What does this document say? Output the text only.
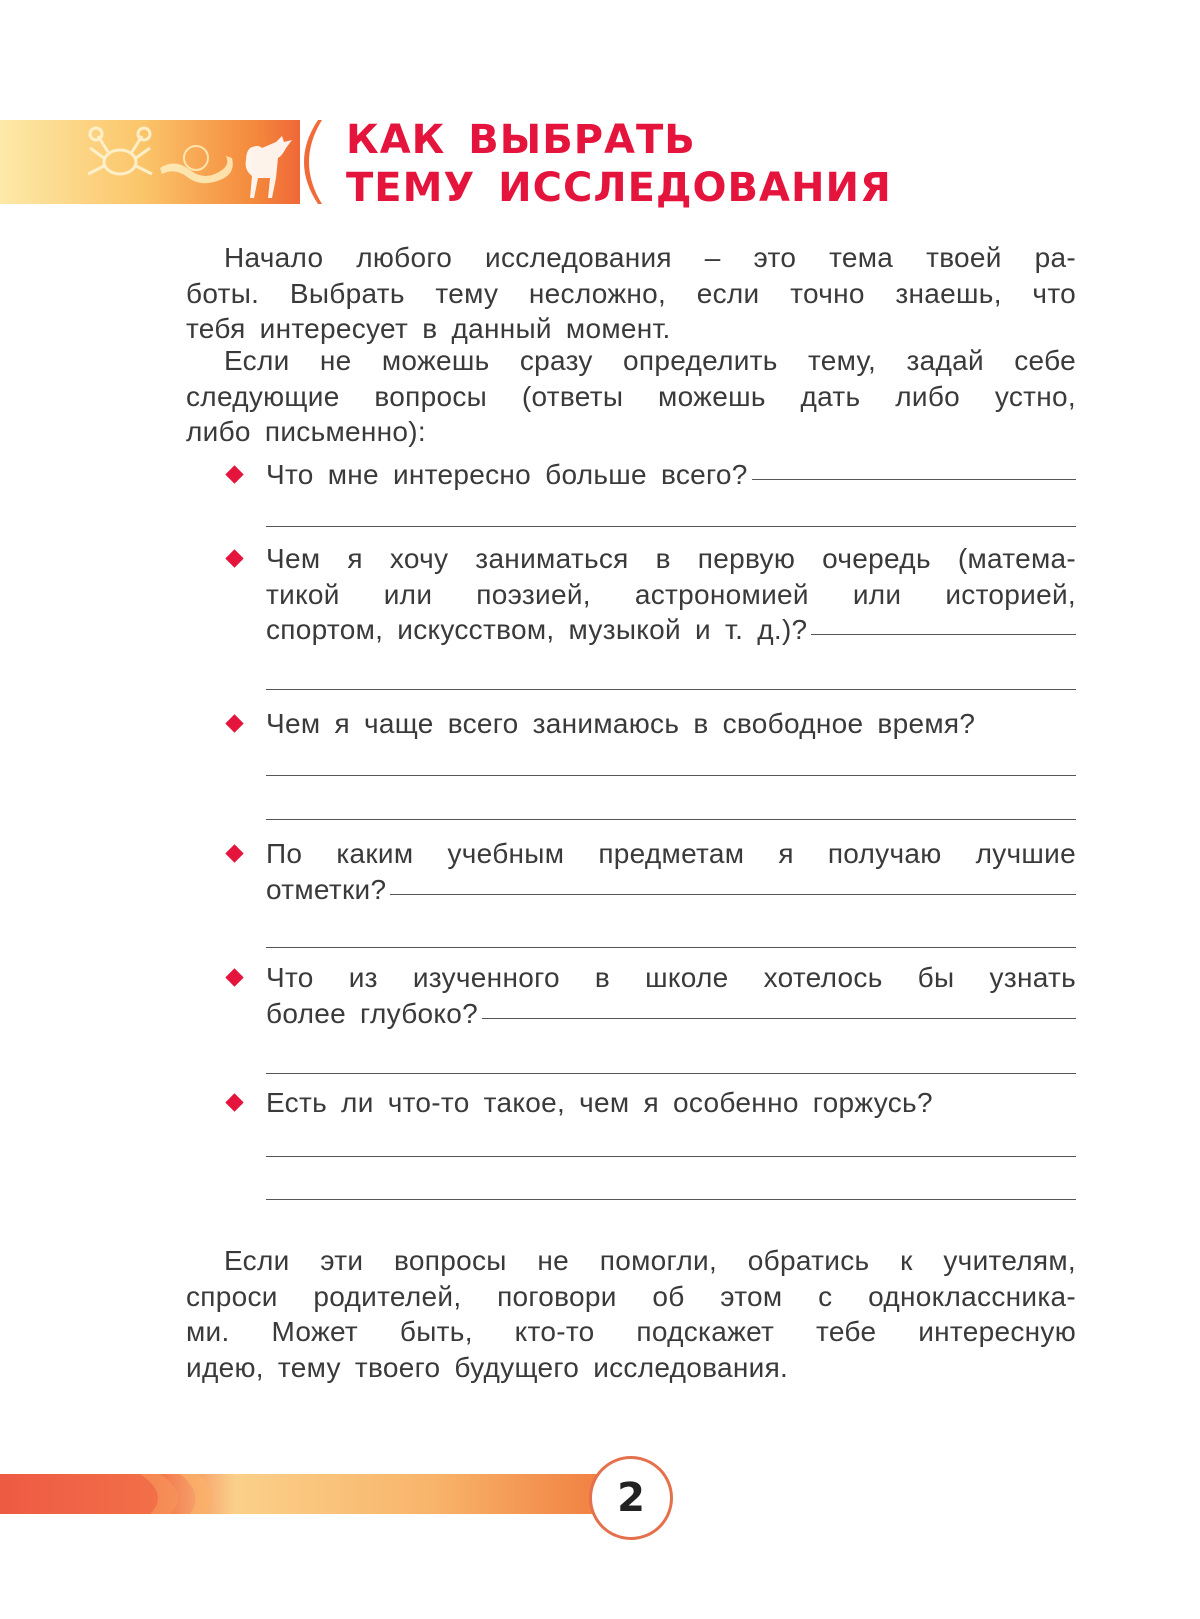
КАК ВЫБРАТЬ
ТЕМУ ИССЛЕДОВАНИЯ

Начало любого исследования – это тема твоей ра-
боты. Выбрать тему несложно, если точно знаешь, что
тебя интересует в данный момент.

Если не можешь сразу определить тему, задай себе
следующие вопросы (ответы можешь дать либо устно,
либо письменно):

Что мне интересно больше всего?
Чем я хочу заниматься в первую очередь (матема-
тикой или поэзией, астрономией или историей,
спортом, искусством, музыкой и т. д.)?
Чем я чаще всего занимаюсь в свободное время?
По каким учебным предметам я получаю лучшие
отметки?
Что из изученного в школе хотелось бы узнать
более глубоко?
Есть ли что-то такое, чем я особенно горжусь?

Если эти вопросы не помогли, обратись к учителям,
спроси родителей, поговори об этом с одноклассника-
ми. Может быть, кто-то подскажет тебе интересную
идею, тему твоего будущего исследования.

2
